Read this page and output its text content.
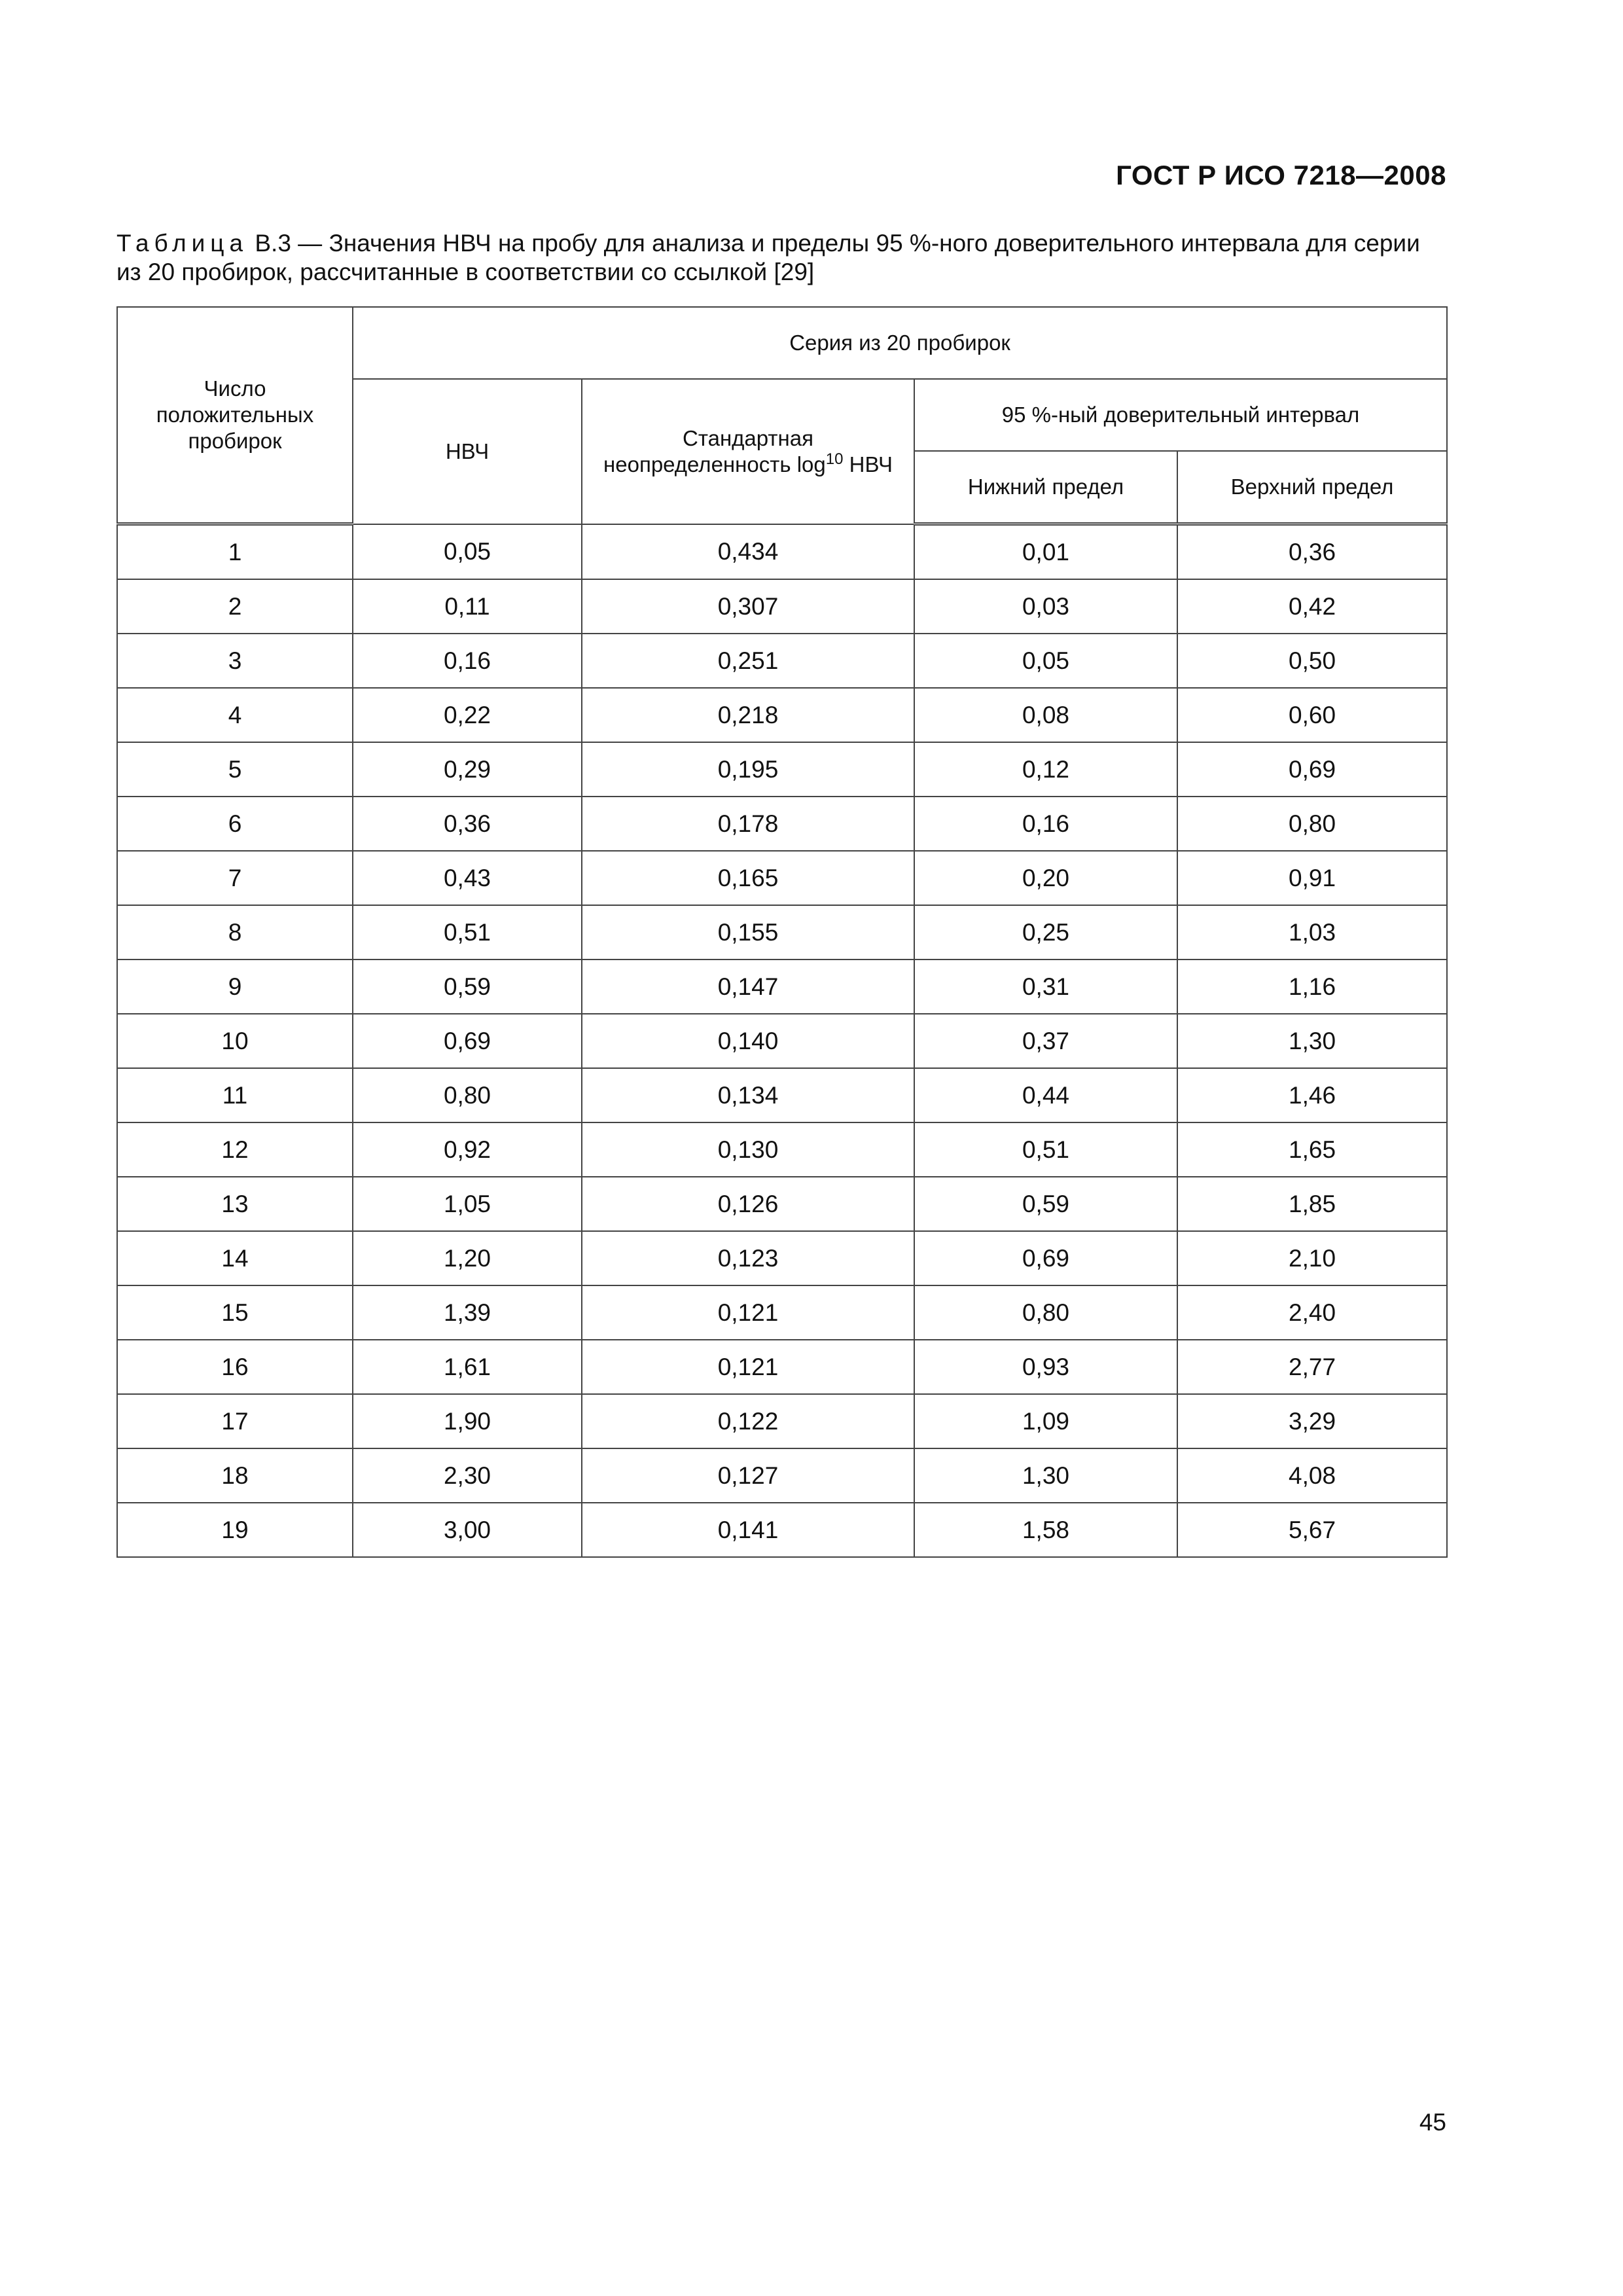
ГОСТ Р ИСО 7218—2008
Таблица В.3 — Значения НВЧ на пробу для анализа и пределы 95 %-ного доверительного интервала для серии из 20 пробирок, рассчитанные в соответствии со ссылкой [29]
Число положительных пробирок	Серия из 20 пробирок			
	НВЧ	Стандартная неопределенность $\log^{10}$ НВЧ	95 %-ный доверительный интервал	
			Нижний предел	Верхний предел
1	0,05	0,434	0,01	0,36
2	0,11	0,307	0,03	0,42
3	0,16	0,251	0,05	0,50
4	0,22	0,218	0,08	0,60
5	0,29	0,195	0,12	0,69
6	0,36	0,178	0,16	0,80
7	0,43	0,165	0,20	0,91
8	0,51	0,155	0,25	1,03
9	0,59	0,147	0,31	1,16
10	0,69	0,140	0,37	1,30
11	0,80	0,134	0,44	1,46
12	0,92	0,130	0,51	1,65
13	1,05	0,126	0,59	1,85
14	1,20	0,123	0,69	2,10
15	1,39	0,121	0,80	2,40
16	1,61	0,121	0,93	2,77
17	1,90	0,122	1,09	3,29
18	2,30	0,127	1,30	4,08
19	3,00	0,141	1,58	5,67
45
